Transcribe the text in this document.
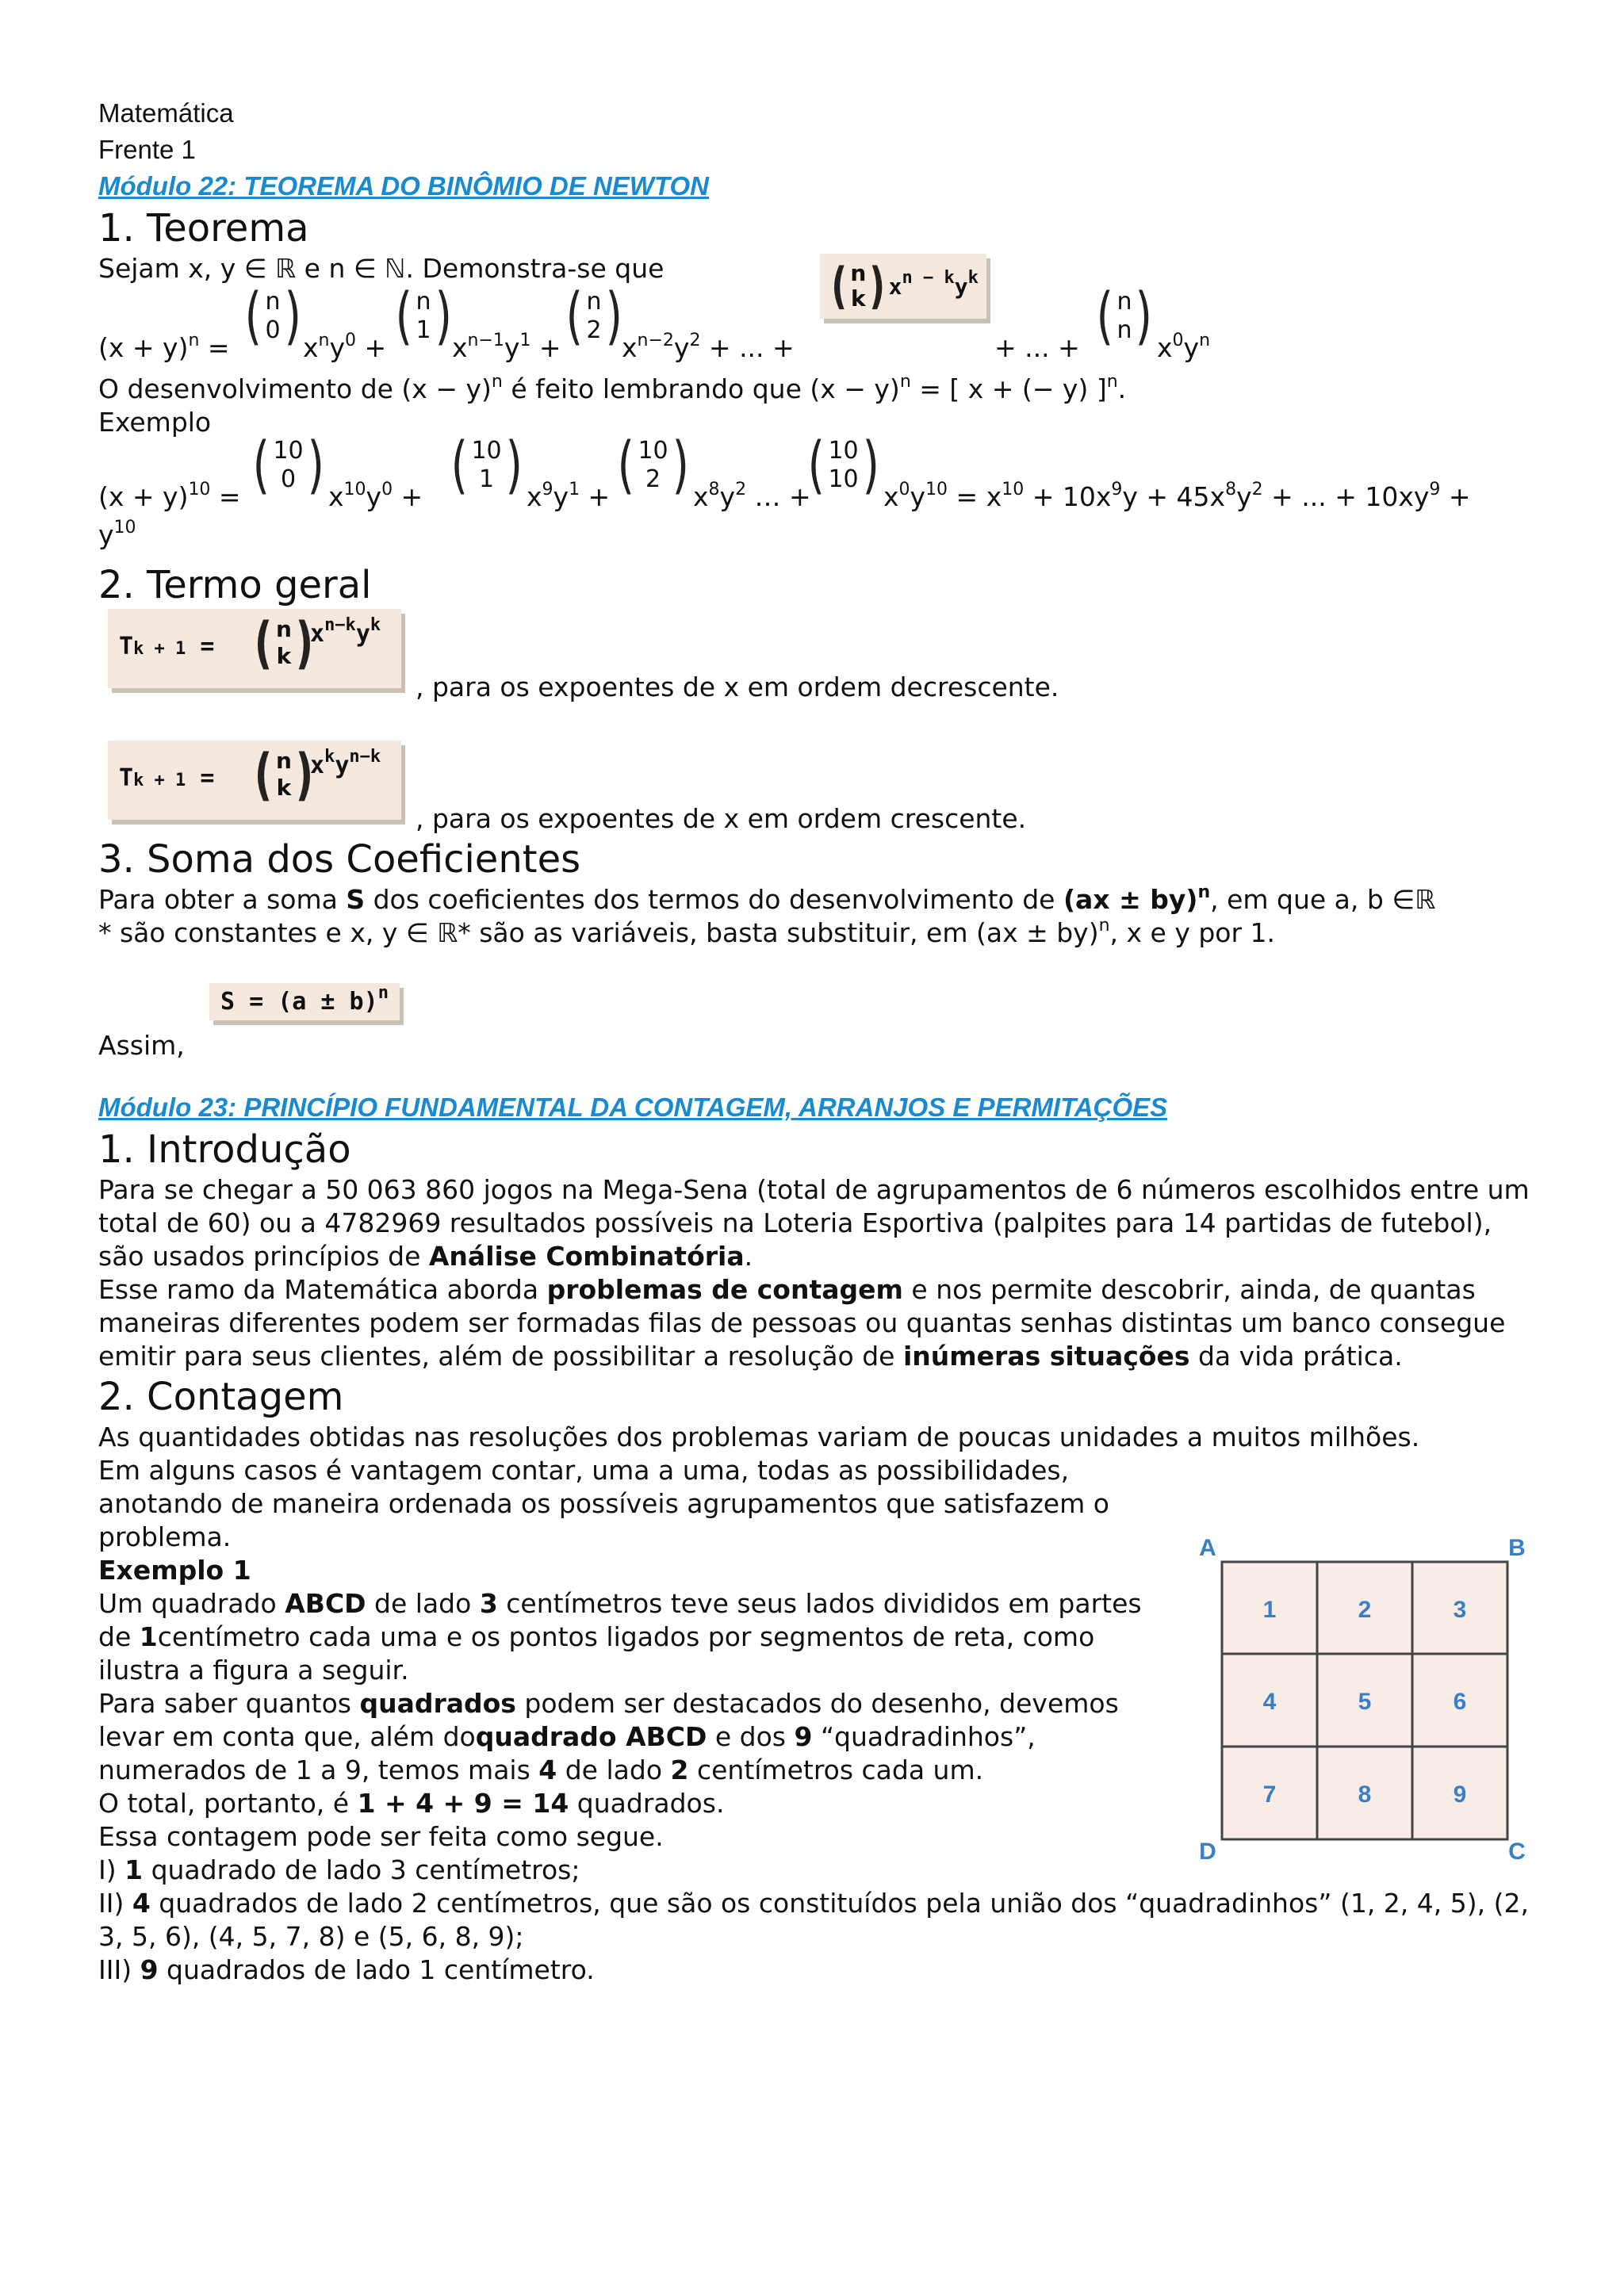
Matemática
Frente 1
Módulo 22: TEOREMA DO BINÔMIO DE NEWTON
1. Teorema

Sejam x, y ∈ ℝ e n ∈ ℕ. Demonstra-se que

$(x + y)^n$ = ( n
0 ) $x^ny^0$ + ( n
1 ) $x^{n-1}y^1$ + ( n
2 ) $x^{n-2}y^2$ + ... +
( n
k ) $x^{n - k}y^k$
+ ... + ( n
n ) $x^0y^n$

O desenvolvimento de $(x - y)^n$ é feito lembrando que $(x - y)^n$ = [ x + (− y) ]$^n$.

Exemplo

$(x + y)^{10}$ = ( 10
0 ) $x^{10}y^0$ + ( 10
1 ) $x^9y^1$ + ( 10
2 ) $x^8y^2$ … +
( 10
10 ) $x^0y^{10} = x^{10} + 10x^9y + 45x^8y^2$ + ... + $10xy^9$ +

$y^{10}$

2. Termo geral
Tk + 1 = ( n
k )
$x^{n-k}y^k$
, para os expoentes de x em ordem decrescente.
Tk + 1 = ( n
k )
$x^ky^{n-k}$
, para os expoentes de x em ordem crescente.
3. Soma dos Coeficientes

Para obter a soma S dos coeficientes dos termos do desenvolvimento de (ax ± by)$^n$, em que a, b ∈ℝ

* são constantes e x, y ∈ ℝ* são as variáveis, basta substituir, em (ax ± by)$^n$, x e y por 1.

Assim,
$S = (a \pm b)^n$
Módulo 23: PRINCÍPIO FUNDAMENTAL DA CONTAGEM, ARRANJOS E PERMITAÇÕES
1. Introdução

Para se chegar a 50 063 860 jogos na Mega-Sena (total de agrupamentos de 6 números escolhidos entre um total de 60) ou a 4782969 resultados possíveis na Loteria Esportiva (palpites para 14 partidas de futebol), são usados princípios de Análise Combinatória.

Esse ramo da Matemática aborda problemas de contagem e nos permite descobrir, ainda, de quantas maneiras diferentes podem ser formadas filas de pessoas ou quantas senhas distintas um banco consegue emitir para seus clientes, além de possibilitar a resolução de inúmeras situações da vida prática.

2. Contagem

As quantidades obtidas nas resoluções dos problemas variam de poucas unidades a muitos milhões.

Em alguns casos é vantagem contar, uma a uma, todas as possibilidades, anotando de maneira ordenada os possíveis agrupamentos que satisfazem o problema.

Exemplo 1

Um quadrado ABCD de lado 3 centímetros teve seus lados divididos em partes de 1centímetro cada uma e os pontos ligados por segmentos de reta, como ilustra a figura a seguir.

Para saber quantos quadrados podem ser destacados do desenho, devemos levar em conta que, além doquadrado ABCD e dos 9 “quadradinhos”, numerados de 1 a 9, temos mais 4 de lado 2 centímetros cada um.

O total, portanto, é 1 + 4 + 9 = 14 quadrados.

Essa contagem pode ser feita como segue.

I) 1 quadrado de lado 3 centímetros;

II) 4 quadrados de lado 2 centímetros, que são os constituídos pela união dos “quadradinhos” (1, 2, 4, 5), (2, 3, 5, 6), (4, 5, 7, 8) e (5, 6, 8, 9);

III) 9 quadrados de lado 1 centímetro.

A	B
C
D
1	2	3
4	5	6
7	8	9
